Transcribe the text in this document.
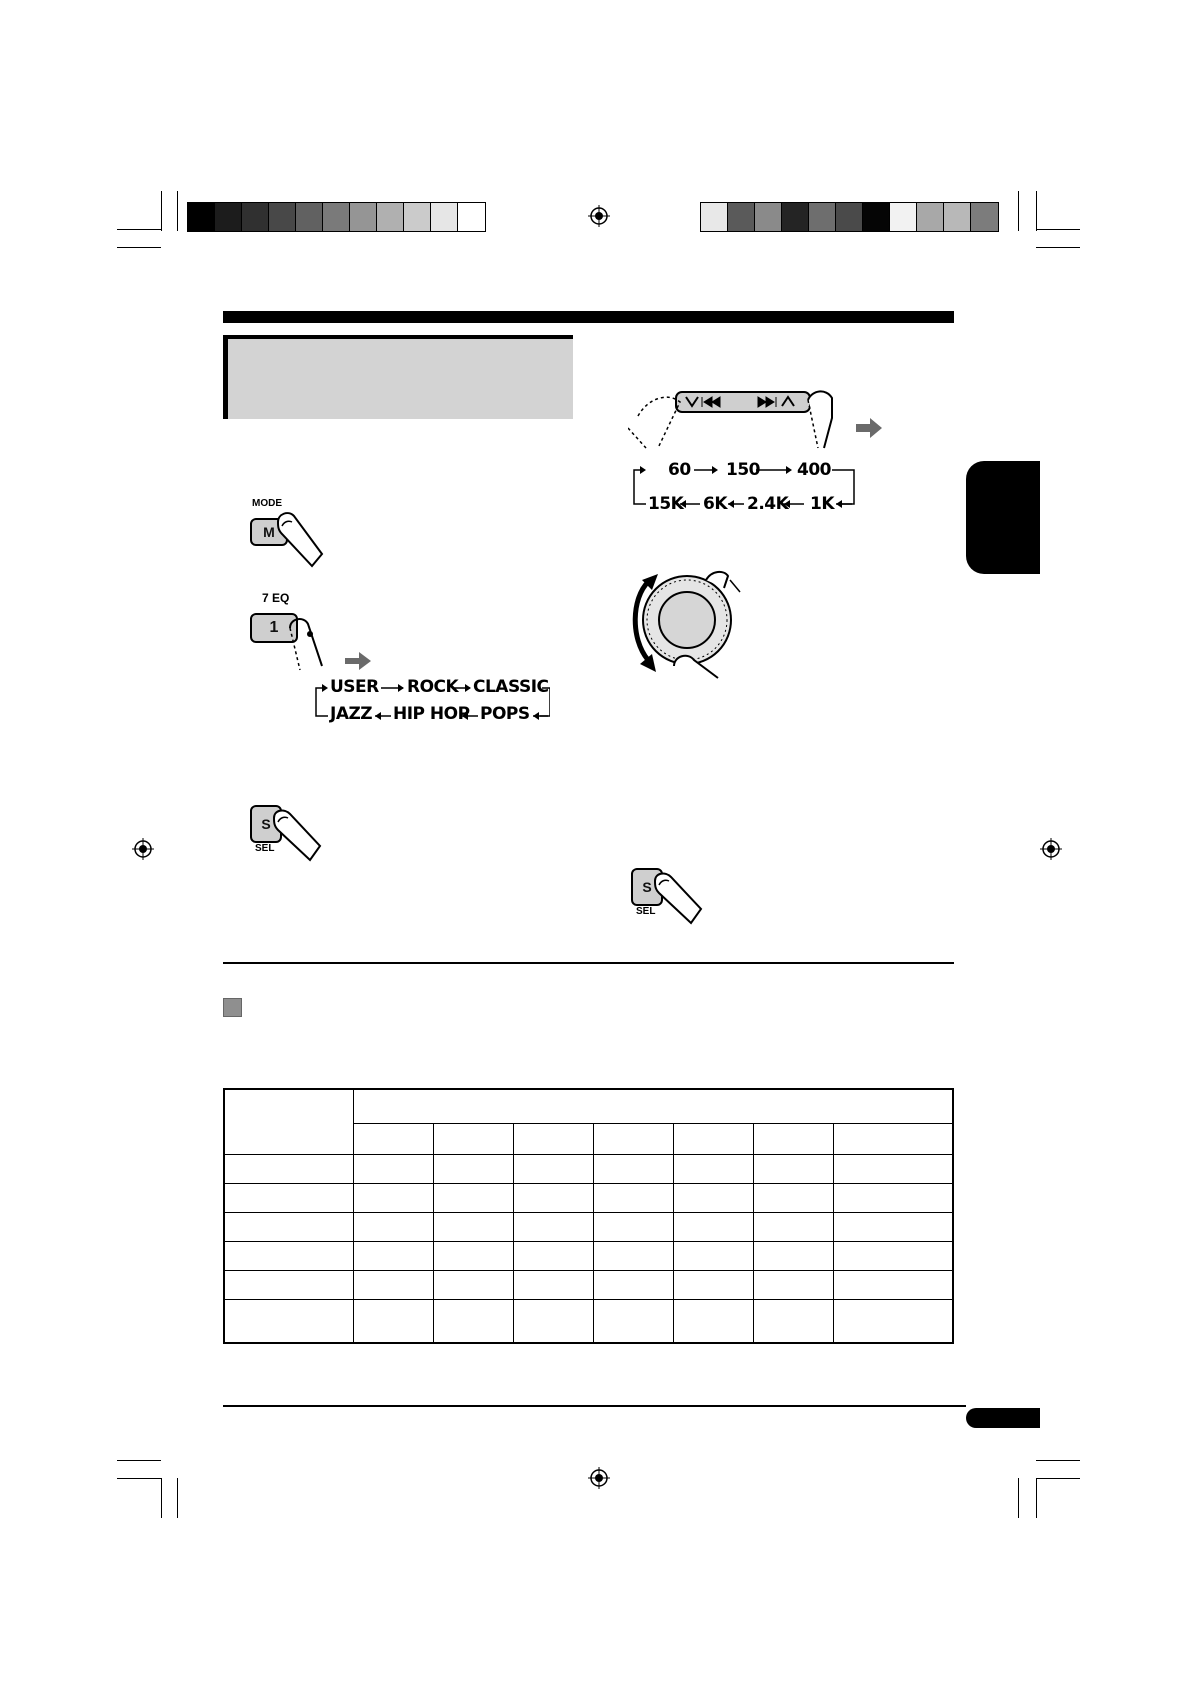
MODE
M
7 EQ
1
USER ROCK CLASSIC
JAZZ HIP HOP POPS
S
SEL
60 150 400
15K 6K 2.4K 1K
S
SEL
